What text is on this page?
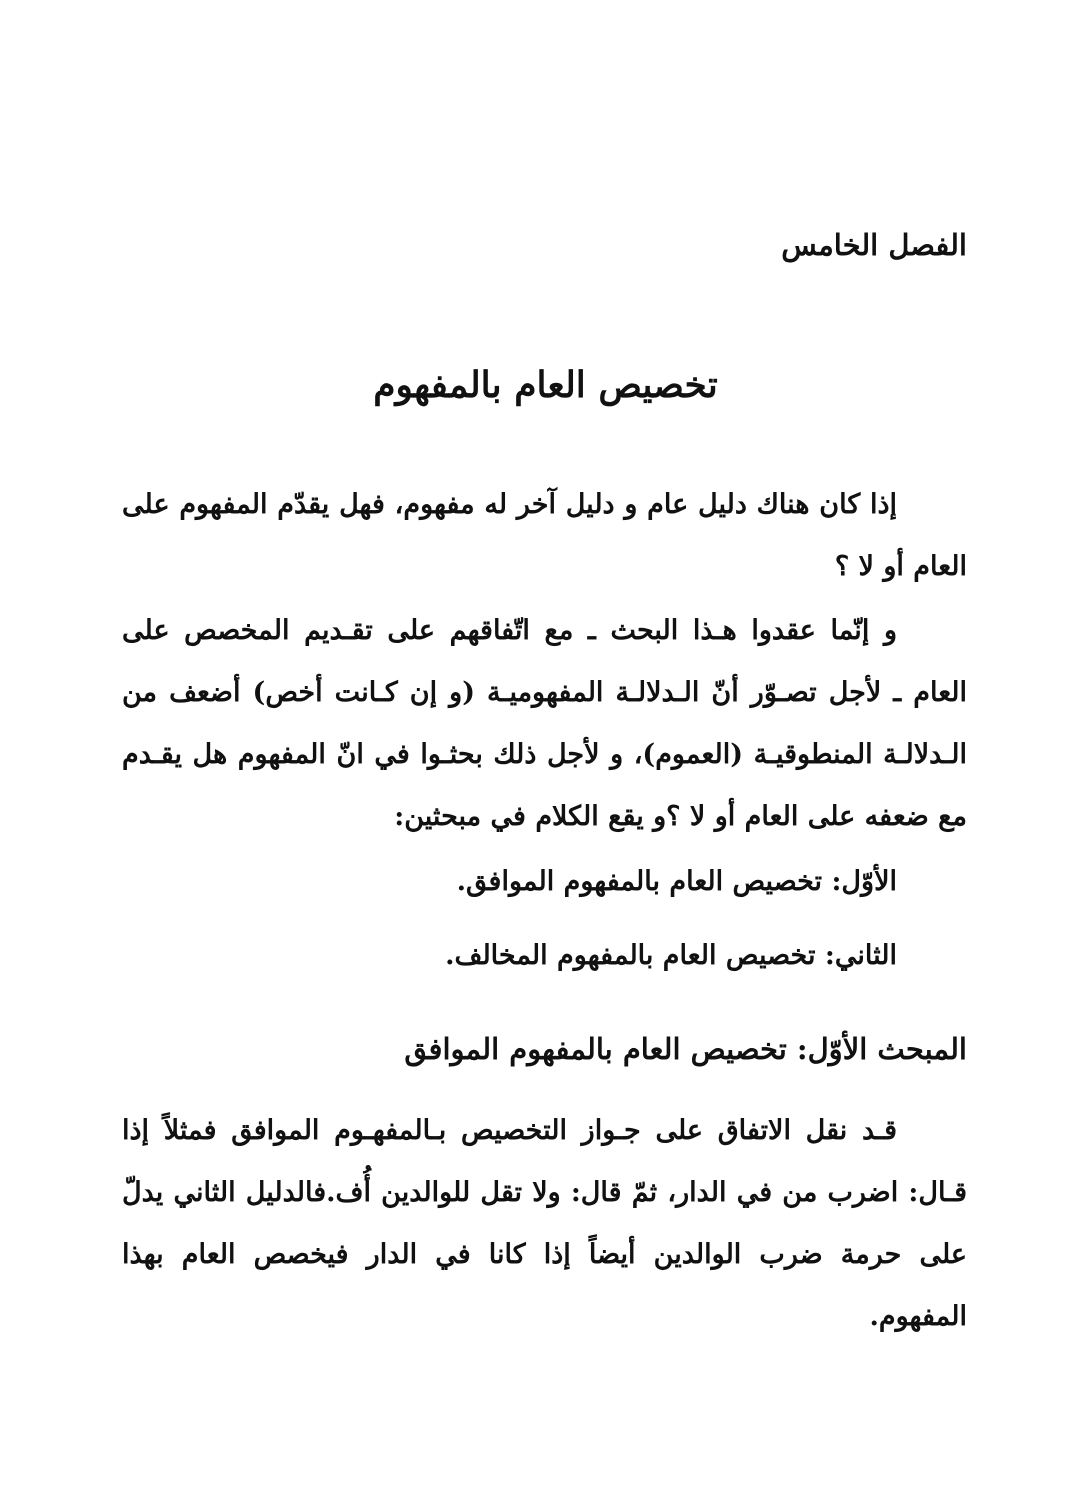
الفصل الخامس
تخصيص العام بالمفهوم

إذا كان هناك دليل عام و دليل آخر له مفهوم، فهل يقدّم المفهوم على العام أو لا ؟

و إنّما عقدوا هـذا البحث ـ مع اتّفاقهم على تقـديم المخصص على العام ـ لأجل تصـوّر أنّ الـدلالـة المفهوميـة (و إن كـانت أخص) أضعف من الـدلالـة المنطوقيـة (العموم)، و لأجل ذلك بحثـوا في انّ المفهوم هل يقـدم مع ضعفه على العام أو لا ؟و يقع الكلام في مبحثين:

الأوّل: تخصيص العام بالمفهوم الموافق.
الثاني: تخصيص العام بالمفهوم المخالف.
المبحث الأوّل: تخصيص العام بالمفهوم الموافق

قـد نقل الاتفاق على جـواز التخصيص بـالمفهـوم الموافق فمثلاً إذا قـال: اضرب من في الدار، ثمّ قال: ولا تقل للوالدين أُف.فالدليل الثاني يدلّ على حرمة ضرب الوالدين أيضاً إذا كانا في الدار فيخصص العام بهذا المفهوم.
